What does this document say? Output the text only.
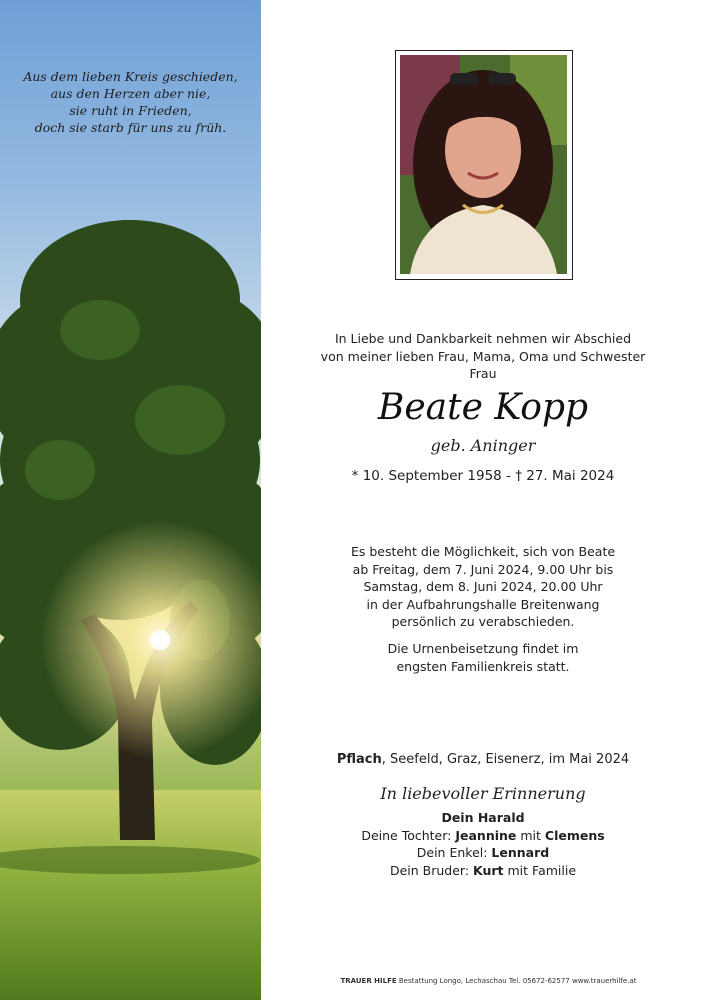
Aus dem lieben Kreis geschieden,
aus den Herzen aber nie,
sie ruht in Frieden,
doch sie starb für uns zu früh.
In Liebe und Dankbarkeit nehmen wir Abschied
von meiner lieben Frau, Mama, Oma und Schwester
Frau
Beate Kopp
geb. Aninger
* 10. September 1958 - † 27. Mai 2024
Es besteht die Möglichkeit, sich von Beate
ab Freitag, dem 7. Juni 2024, 9.00 Uhr bis
Samstag, dem 8. Juni 2024, 20.00 Uhr
in der Aufbahrungshalle Breitenwang
persönlich zu verabschieden.
Die Urnenbeisetzung findet im
engsten Familienkreis statt.
Pflach, Seefeld, Graz, Eisenerz, im Mai 2024
In liebevoller Erinnerung
Dein Harald
Deine Tochter: Jeannine mit Clemens
Dein Enkel: Lennard
Dein Bruder: Kurt mit Familie
TRAUER HILFE Bestattung Longo, Lechaschau Tel. 05672-62577 www.trauerhilfe.at
